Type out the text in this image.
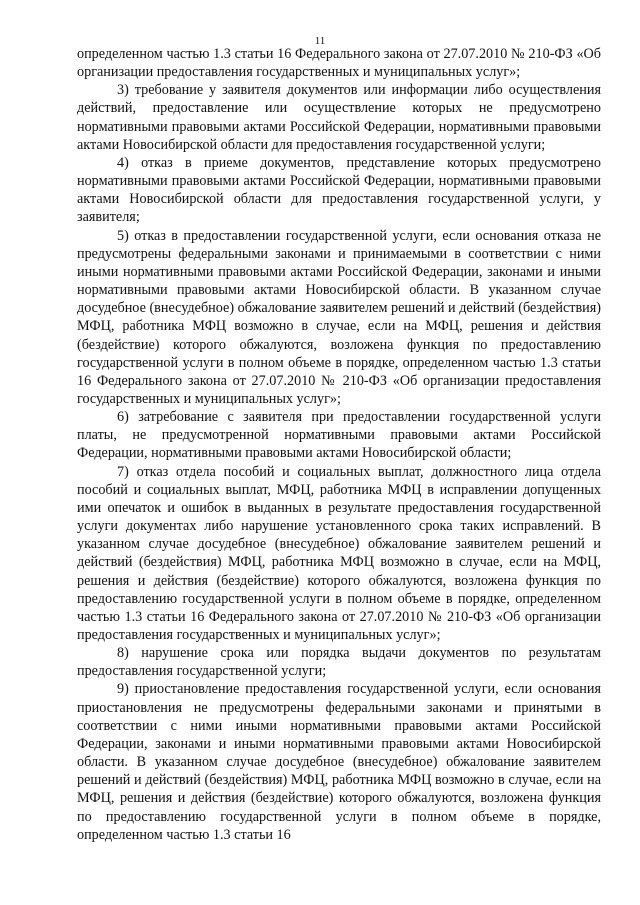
11

определенном частью 1.3 статьи 16 Федерального закона от 27.07.2010 № 210-ФЗ «Об организации предоставления государственных и муниципальных услуг»;

3) требование у заявителя документов или информации либо осуществления действий, предоставление или осуществление которых не предусмотрено нормативными правовыми актами Российской Федерации, нормативными правовыми актами Новосибирской области для предоставления государственной услуги;

4) отказ в приеме документов, представление которых предусмотрено нормативными правовыми актами Российской Федерации, нормативными правовыми актами Новосибирской области для предоставления государственной услуги, у заявителя;

5) отказ в предоставлении государственной услуги, если основания отказа не предусмотрены федеральными законами и принимаемыми в соответствии с ними иными нормативными правовыми актами Российской Федерации, законами и иными нормативными правовыми актами Новосибирской области. В указанном случае досудебное (внесудебное) обжалование заявителем решений и действий (бездействия) МФЦ, работника МФЦ возможно в случае, если на МФЦ, решения и действия (бездействие) которого обжалуются, возложена функция по предоставлению государственной услуги в полном объеме в порядке, определенном частью 1.3 статьи 16 Федерального закона от 27.07.2010 № 210-ФЗ «Об организации предоставления государственных и муниципальных услуг»;

6) затребование с заявителя при предоставлении государственной услуги платы, не предусмотренной нормативными правовыми актами Российской Федерации, нормативными правовыми актами Новосибирской области;

7) отказ отдела пособий и социальных выплат, должностного лица отдела пособий и социальных выплат, МФЦ, работника МФЦ в исправлении допущенных ими опечаток и ошибок в выданных в результате предоставления государственной услуги документах либо нарушение установленного срока таких исправлений. В указанном случае досудебное (внесудебное) обжалование заявителем решений и действий (бездействия) МФЦ, работника МФЦ возможно в случае, если на МФЦ, решения и действия (бездействие) которого обжалуются, возложена функция по предоставлению государственной услуги в полном объеме в порядке, определенном частью 1.3 статьи 16 Федерального закона от 27.07.2010 № 210-ФЗ «Об организации предоставления государственных и муниципальных услуг»;

8) нарушение срока или порядка выдачи документов по результатам предоставления государственной услуги;

9) приостановление предоставления государственной услуги, если основания приостановления не предусмотрены федеральными законами и принятыми в соответствии с ними иными нормативными правовыми актами Российской Федерации, законами и иными нормативными правовыми актами Новосибирской области. В указанном случае досудебное (внесудебное) обжалование заявителем решений и действий (бездействия) МФЦ, работника МФЦ возможно в случае, если на МФЦ, решения и действия (бездействие) которого обжалуются, возложена функция по предоставлению государственной услуги в полном объеме в порядке, определенном частью 1.3 статьи 16
